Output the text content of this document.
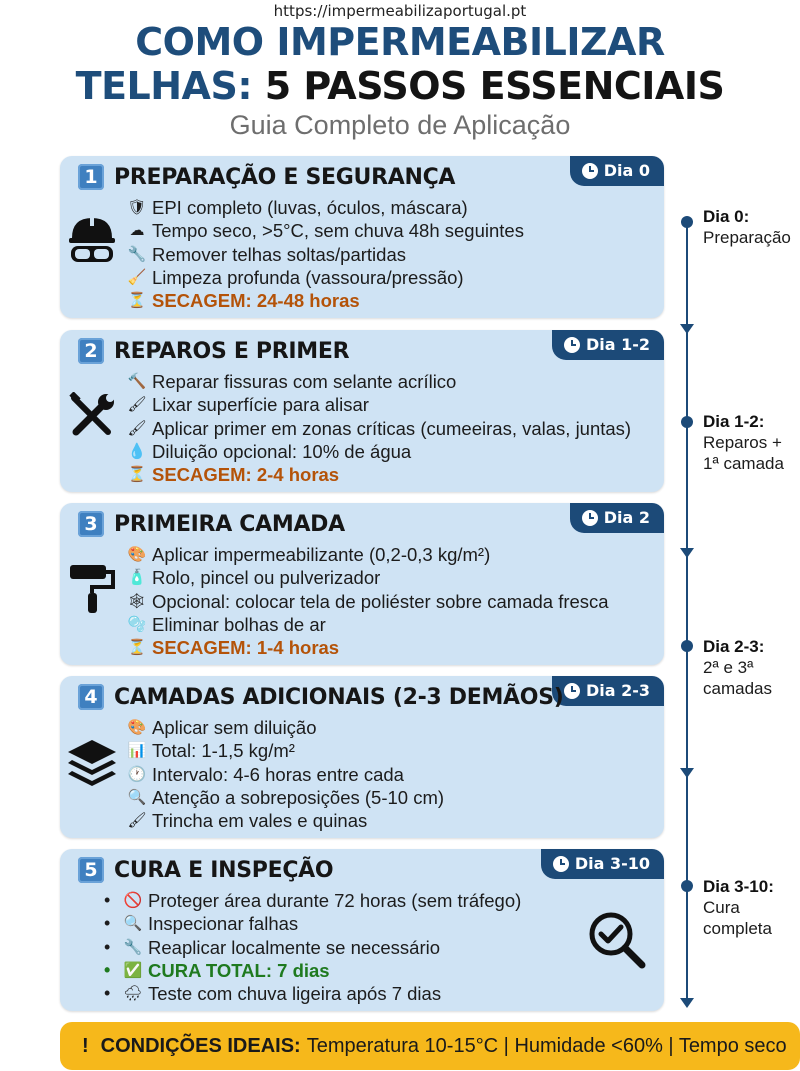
https://impermeabilizaportugal.pt
COMO IMPERMEABILIZAR
TELHAS: 5 PASSOS ESSENCIAIS
Guia Completo de Aplicação
Dia 0
1 PREPARAÇÃO E SEGURANÇA
🛡 EPI completo (luvas, óculos, máscara)
☁ Tempo seco, >5°C, sem chuva 48h seguintes
🔧 Remover telhas soltas/partidas
🧹 Limpeza profunda (vassoura/pressão)
⏳ SECAGEM: 24-48 horas
Dia 1-2
2 REPAROS E PRIMER
🔨 Reparar fissuras com selante acrílico
🖌 Lixar superfície para alisar
🖌 Aplicar primer em zonas críticas (cumeeiras, valas, juntas)
💧 Diluição opcional: 10% de água
⏳ SECAGEM: 2-4 horas
Dia 2
3 PRIMEIRA CAMADA
🎨 Aplicar impermeabilizante (0,2-0,3 kg/m²)
🧴 Rolo, pincel ou pulverizador
🕸 Opcional: colocar tela de poliéster sobre camada fresca
🫧 Eliminar bolhas de ar
⏳ SECAGEM: 1-4 horas
Dia 2-3
4 CAMADAS ADICIONAIS (2-3 DEMÃOS)
🎨 Aplicar sem diluição
📊 Total: 1-1,5 kg/m²
🕐 Intervalo: 4-6 horas entre cada
🔍 Atenção a sobreposições (5-10 cm)
🖌 Trincha em vales e quinas
Dia 3-10
5 CURA E INSPEÇÃO
• 🚫 Proteger área durante 72 horas (sem tráfego)
• 🔍 Inspecionar falhas
• 🔧 Reaplicar localmente se necessário
• ✅ CURA TOTAL: 7 dias
• 🌧 Teste com chuva ligeira após 7 dias
Dia 0:
Preparação
Dia 1-2:
Reparos +
1ª camada
Dia 2-3:
2ª e 3ª
camadas
Dia 3-10:
Cura
completa
! CONDIÇÕES IDEAIS: Temperatura 10-15°C | Humidade <60% | Tempo seco
